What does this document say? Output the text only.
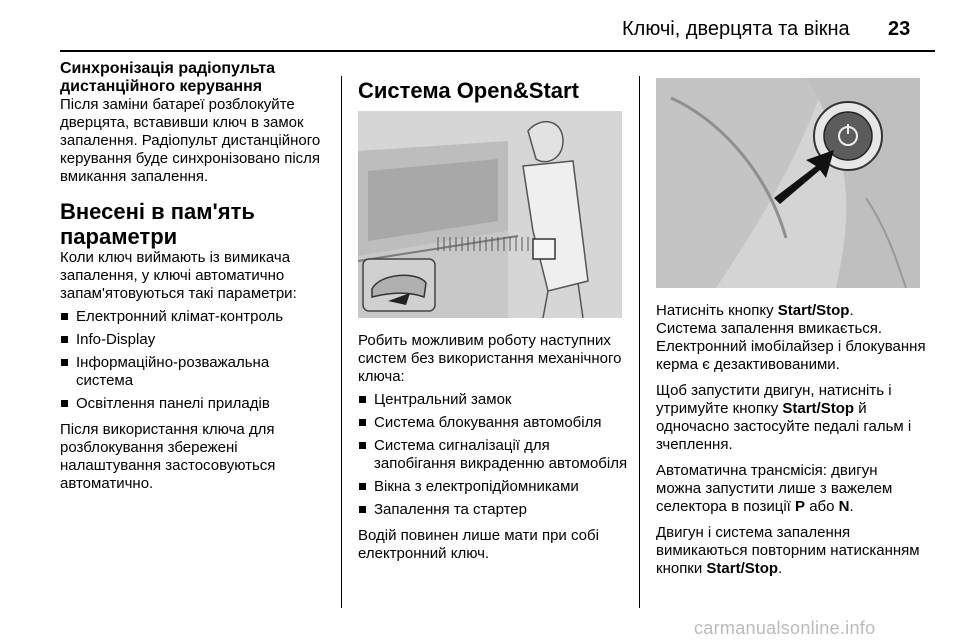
Ключі, дверцята та вікна 23
Синхронізація радіопульта дистанційного керування

Після заміни батареї розблокуйте дверцята, вставивши ключ в замок запалення. Радіопульт дистанційного керування буде синхронізовано після вмикання запалення.

Внесені в пам'ять параметри

Коли ключ виймають із вимикача запалення, у ключі автоматично запам'ятовуються такі параметри:

Електронний клімат-контроль
Info-Display
Інформаційно-розважальна система
Освітлення панелі приладів

Після використання ключа для розблокування збережені налаштування застосовуються автоматично.

Система Open&Start

Робить можливим роботу наступних систем без використання механічного ключа:

Центральний замок
Система блокування автомобіля
Система сигналізації для запобігання викраденню автомобіля
Вікна з електропідйомниками
Запалення та стартер

Водій повинен лише мати при собі електронний ключ.

Натисніть кнопку Start/Stop.

Система запалення вмикається. Електронний імобілайзер і блокування керма є дезактивованими.

Щоб запустити двигун, натисніть і утримуйте кнопку Start/Stop й одночасно застосуйте педалі гальм і зчеплення.

Автоматична трансмісія: двигун можна запустити лише з важелем селектора в позиції P або N.

Двигун і система запалення вимикаються повторним натисканням кнопки Start/Stop.

carmanualsonline.info
